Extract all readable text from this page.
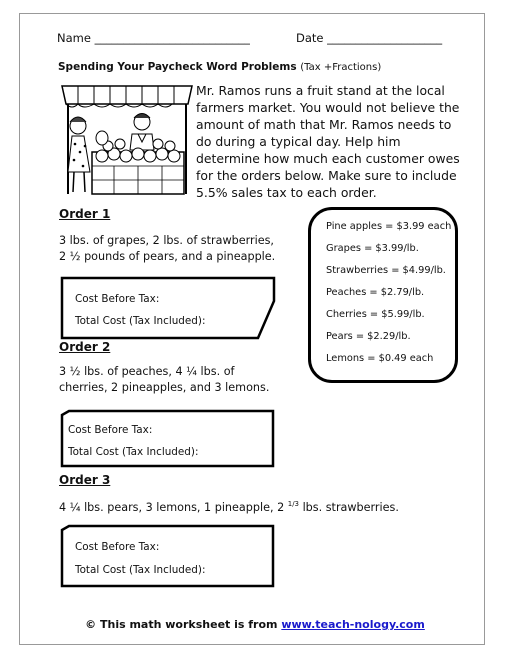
Name ___________________________	Date ____________________
Spending Your Paycheck Word Problems (Tax +Fractions)
Mr. Ramos runs a fruit stand at the local
farmers market. You would not believe the
amount of math that Mr. Ramos needs to
do during a typical day. Help him
determine how much each customer owes
for the orders below. Make sure to include
5.5% sales tax to each order.
Order 1
3 lbs. of grapes, 2 lbs. of strawberries,
2 ½ pounds of pears, and a pineapple.
Cost Before Tax:
Total Cost (Tax Included):
Order 2
3 ½ lbs. of peaches, 4 ¼ lbs. of
cherries, 2 pineapples, and 3 lemons.
Cost Before Tax:
Total Cost (Tax Included):
Order 3
4 ¼ lbs. pears, 3 lemons, 1 pineapple, 2 $^{1/3}$ lbs. strawberries.
Cost Before Tax:
Total Cost (Tax Included):
Pine apples = $3.99 each
Grapes = $3.99/lb.
Strawberries = $4.99/lb.
Peaches = $2.79/lb.
Cherries = $5.99/lb.
Pears = $2.29/lb.
Lemons = $0.49 each
© This math worksheet is from www.teach-nology.com
